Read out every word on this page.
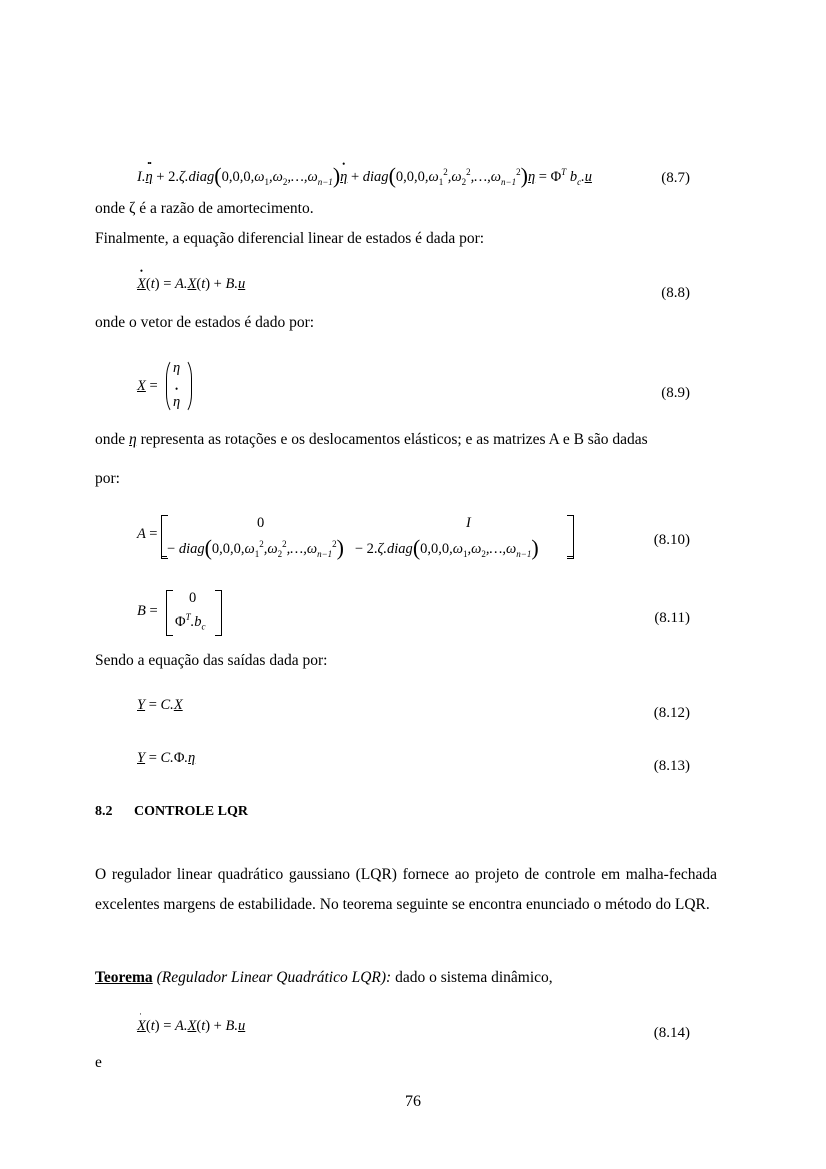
I.•• $\eta + 2.\zeta.diag(0,0,0,\omega_1,\omega_2,\dots,\omega_{n-1})•$ $\eta + diag(0,0,0,\omega_1^2,\omega_2^2,\dots,\omega_{n-1}^2)\eta = \Phi^T$ $b_c.u$	(8.7)
onde ζ é a razão de amortecimento.
Finalmente, a equação diferencial linear de estados é dada por:
• X(t) = A.X(t) + B.u
(8.8)
onde o vetor de estados é dado por:
X =
η
• η
(8.9)
onde η representa as rotações e os deslocamentos elásticos; e as matrizes A e B são dadas
por:
A =
0	I
− $diag(0,0,0,\omega_1^2,\omega_2^2,\dots,\omega_{n-1}^2)$ − $2.\zeta.diag(0,0,0,\omega_1,\omega_2,\dots,\omega_{n-1})$	(8.10)
B =
0
$\Phi^T.b_c$
(8.11)
Sendo a equação das saídas dada por:
Y = C.X	(8.12)
Y = C.Φ.η	(8.13)
8.2 CONTROLE LQR
O regulador linear quadrático gaussiano (LQR) fornece ao projeto de controle em malha-fechada excelentes margens de estabilidade. No teorema seguinte se encontra enunciado o método do LQR.
Teorema (Regulador Linear Quadrático LQR): dado o sistema dinâmico,
X
·
(t) = A.X(t) + B.u	(8.14)
e
76
